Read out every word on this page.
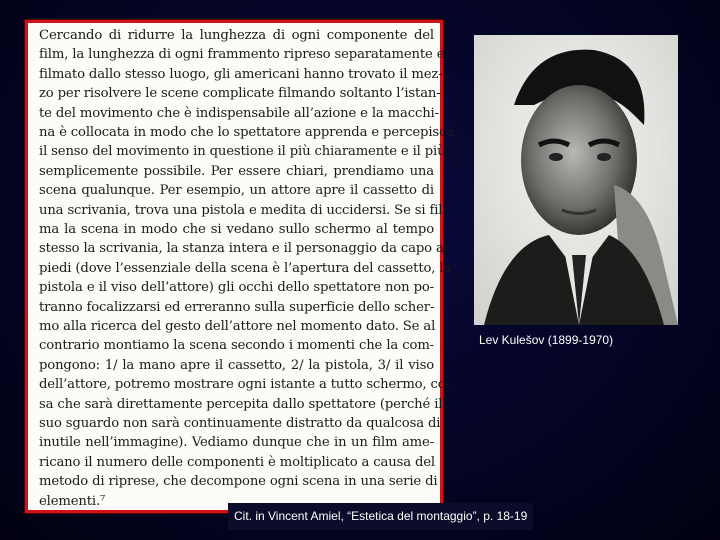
Cercando di ridurre la lunghezza di ogni componente del
film, la lunghezza di ogni frammento ripreso separatamente e
filmato dallo stesso luogo, gli americani hanno trovato il mez-
zo per risolvere le scene complicate filmando soltanto l’istan-
te del movimento che è indispensabile all’azione e la macchi-
na è collocata in modo che lo spettatore apprenda e percepisca
il senso del movimento in questione il più chiaramente e il più
semplicemente possibile. Per essere chiari, prendiamo una
scena qualunque. Per esempio, un attore apre il cassetto di
una scrivania, trova una pistola e medita di uccidersi. Se si fil-
ma la scena in modo che si vedano sullo schermo al tempo
stesso la scrivania, la stanza intera e il personaggio da capo a
piedi (dove l’essenziale della scena è l’apertura del cassetto, la
pistola e il viso dell’attore) gli occhi dello spettatore non po-
tranno focalizzarsi ed erreranno sulla superficie dello scher-
mo alla ricerca del gesto dell’attore nel momento dato. Se al
contrario montiamo la scena secondo i momenti che la com-
pongono: 1/ la mano apre il cassetto, 2/ la pistola, 3/ il viso
dell’attore, potremo mostrare ogni istante a tutto schermo, co-
sa che sarà direttamente percepita dallo spettatore (perché il
suo sguardo non sarà continuamente distratto da qualcosa di
inutile nell’immagine). Vediamo dunque che in un film ame-
ricano il numero delle componenti è moltiplicato a causa del
metodo di riprese, che decompone ogni scena in una serie di
elementi.⁷
Lev Kulešov (1899-1970)
Cit. in Vincent Amiel, “Estetica del montaggio”, p. 18-19
